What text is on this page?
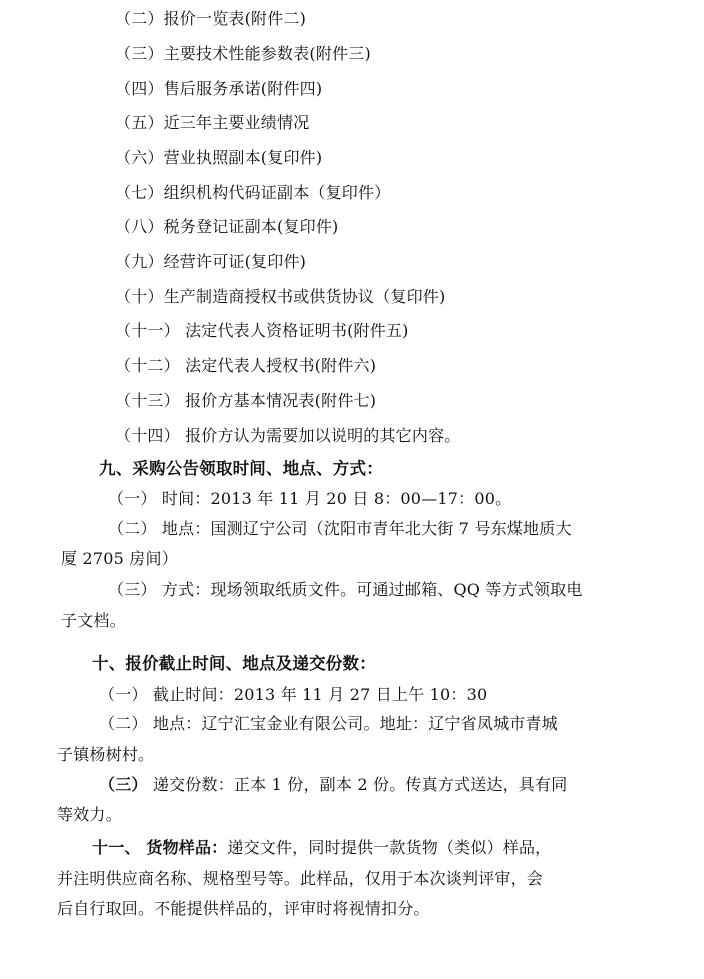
（二）报价一览表(附件二)
（三）主要技术性能参数表(附件三)
（四）售后服务承诺(附件四)
（五）近三年主要业绩情况
（六）营业执照副本(复印件)
（七）组织机构代码证副本（复印件）
（八）税务登记证副本(复印件)
（九）经营许可证(复印件)
（十）生产制造商授权书或供货协议（复印件)
（十一） 法定代表人资格证明书(附件五)
（十二） 法定代表人授权书(附件六)
（十三） 报价方基本情况表(附件七)
（十四） 报价方认为需要加以说明的其它内容。
九、采购公告领取时间、地点、方式：
（一） 时间：2013 年 11 月 20 日 8：00—17：00。
（二） 地点：国测辽宁公司（沈阳市青年北大街 7 号东煤地质大
厦 2705 房间）
（三） 方式：现场领取纸质文件。可通过邮箱、QQ 等方式领取电
子文档。
十、报价截止时间、地点及递交份数：
（一） 截止时间：2013 年 11 月 27 日上午 10：30
（二） 地点：辽宁汇宝金业有限公司。地址：辽宁省凤城市青城
子镇杨树村。
（三） 递交份数：正本 1 份，副本 2 份。传真方式送达，具有同
等效力。
十一、 货物样品：递交文件，同时提供一款货物（类似）样品，
并注明供应商名称、规格型号等。此样品，仅用于本次谈判评审，会
后自行取回。不能提供样品的，评审时将视情扣分。
